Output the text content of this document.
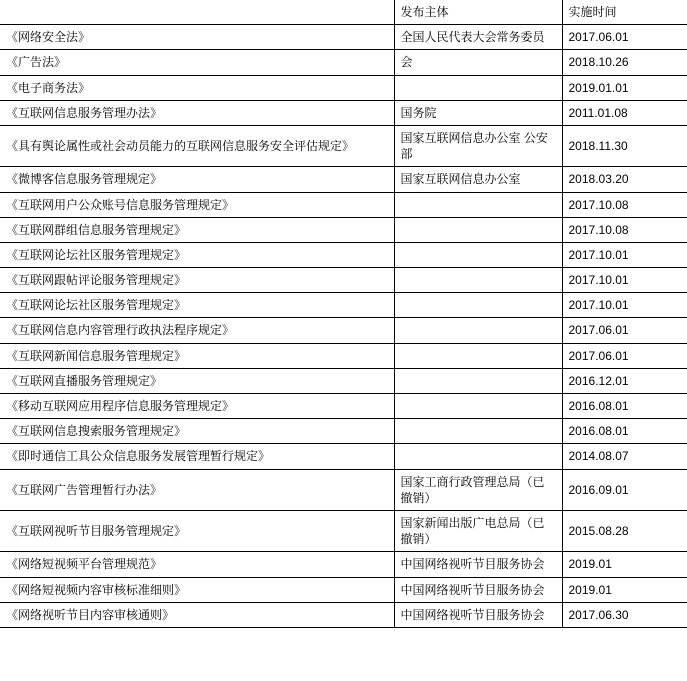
	发布主体	实施时间
《网络安全法》	全国人民代表大会常务委员	2017.06.01
《广告法》	会	2018.10.26
《电子商务法》		2019.01.01
《互联网信息服务管理办法》	国务院	2011.01.08
《具有舆论属性或社会动员能力的互联网信息服务安全评估规定》	国家互联网信息办公室 公安部	2018.11.30
《微博客信息服务管理规定》	国家互联网信息办公室	2018.03.20
《互联网用户公众账号信息服务管理规定》		2017.10.08
《互联网群组信息服务管理规定》		2017.10.08
《互联网论坛社区服务管理规定》		2017.10.01
《互联网跟帖评论服务管理规定》		2017.10.01
《互联网论坛社区服务管理规定》		2017.10.01
《互联网信息内容管理行政执法程序规定》		2017.06.01
《互联网新闻信息服务管理规定》		2017.06.01
《互联网直播服务管理规定》		2016.12.01
《移动互联网应用程序信息服务管理规定》		2016.08.01
《互联网信息搜索服务管理规定》		2016.08.01
《即时通信工具公众信息服务发展管理暂行规定》		2014.08.07
《互联网广告管理暂行办法》	国家工商行政管理总局（已撤销）	2016.09.01
《互联网视听节目服务管理规定》	国家新闻出版广电总局（已撤销）	2015.08.28
《网络短视频平台管理规范》	中国网络视听节目服务协会	2019.01
《网络短视频内容审核标准细则》	中国网络视听节目服务协会	2019.01
《网络视听节目内容审核通则》	中国网络视听节目服务协会	2017.06.30
